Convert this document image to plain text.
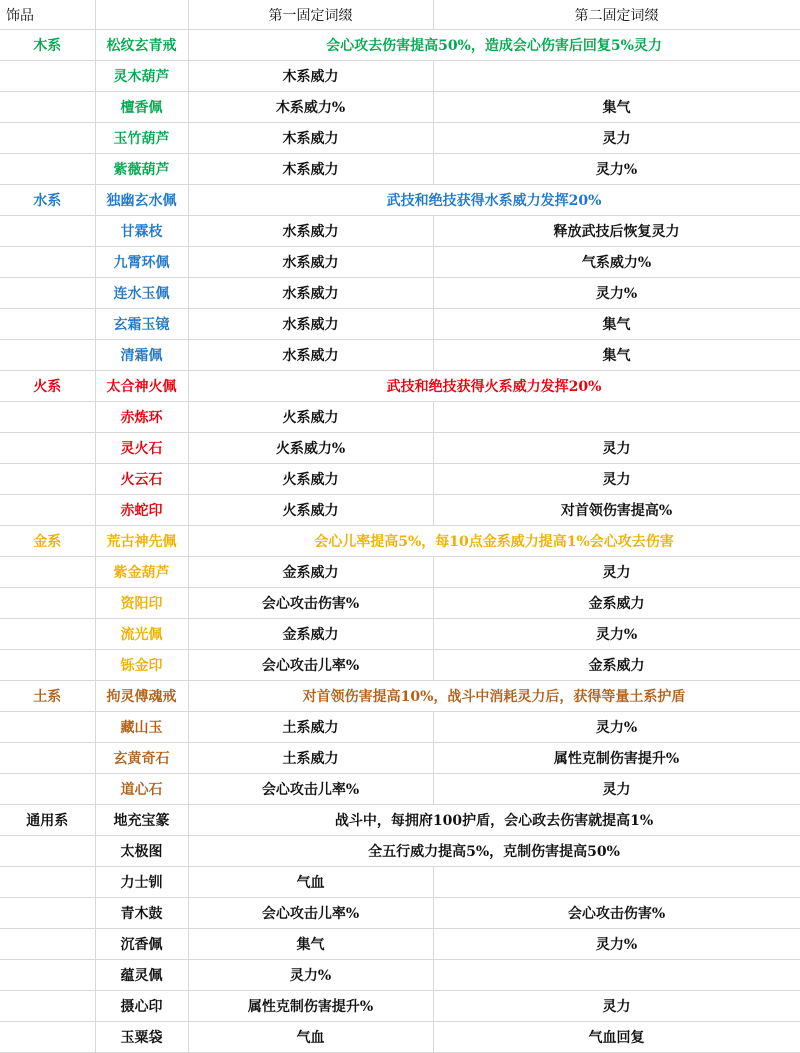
饰品		第一固定词缀	第二固定词缀
木系	松纹玄青戒	会心攻去伤害提高50%，造成会心伤害后回复5%灵力	
	灵木葫芦	木系威力	
	檀香佩	木系威力%	集气
	玉竹葫芦	木系威力	灵力
	紫薇葫芦	木系威力	灵力%
水系	独幽玄水佩	武技和绝技获得水系威力发挥20%	
	甘霖枝	水系威力	释放武技后恢复灵力
	九霄环佩	水系威力	气系威力%
	连水玉佩	水系威力	灵力%
	玄霜玉镜	水系威力	集气
	清霜佩	水系威力	集气
火系	太合神火佩	武技和绝技获得火系威力发挥20%	
	赤炼环	火系威力	
	灵火石	火系威力%	灵力
	火云石	火系威力	灵力
	赤蛇印	火系威力	对首领伤害提高%
金系	荒古神先佩	会心儿率提高5%，每10点金系威力提高1%会心攻去伤害	
	紫金葫芦	金系威力	灵力
	资阳印	会心攻击伤害%	金系威力
	流光佩	金系威力	灵力%
	铄金印	会心攻击儿率%	金系威力
土系	拘灵傅魂戒	对首领伤害提高10%，战斗中消耗灵力后，获得等量土系护盾	
	藏山玉	土系威力	灵力%
	玄黄奇石	土系威力	属性克制伤害提升%
	道心石	会心攻击儿率%	灵力
通用系	地充宝篆	战斗中，每拥府100护盾，会心政去伤害就提高1%	
	太极图	全五行威力提高5%，克制伤害提高50%	
	力士钏	气血	
	青木鼓	会心攻击儿率%	会心攻击伤害%
	沉香佩	集气	灵力%
	蕴灵佩	灵力%	
	摄心印	属性克制伤害提升%	灵力
	玉粟袋	气血	气血回复
